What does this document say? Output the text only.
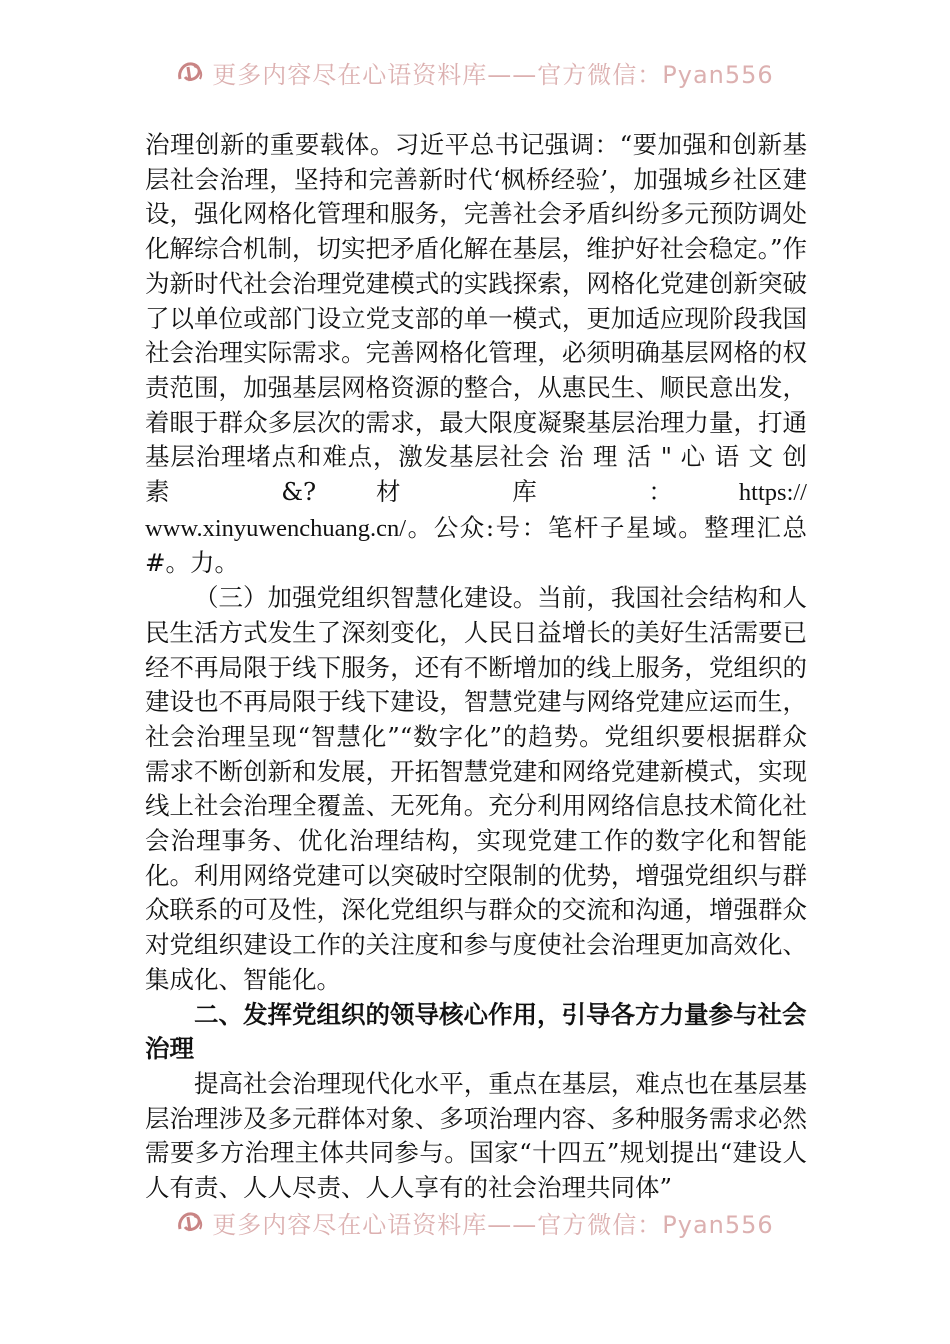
更多内容尽在心语资料库——官方微信：Pyan556

治理创新的重要载体。习近平总书记强调：“要加强和创新基层社会治理，坚持和完善新时代‘枫桥经验’，加强城乡社区建设，强化网格化管理和服务，完善社会矛盾纠纷多元预防调处化解综合机制，切实把矛盾化解在基层，维护好社会稳定。”作为新时代社会治理党建模式的实践探索，网格化党建创新突破了以单位或部门设立党支部的单一模式，更加适应现阶段我国社会治理实际需求。完善网格化管理，必须明确基层网格的权责范围，加强基层网格资源的整合，从惠民生、顺民意出发，着眼于群众多层次的需求，最大限度凝聚基层治理力量，打通基层治理堵点和难点，激发基层社会 治 理 活 " 心 语 文 创 素 &? 材 库 ： https://

www.xinyuwenchuang.cn/。公众:号：笔杆子星域。整理汇总

#。力。

（三）加强党组织智慧化建设。当前，我国社会结构和人民生活方式发生了深刻变化，人民日益增长的美好生活需要已经不再局限于线下服务，还有不断增加的线上服务，党组织的建设也不再局限于线下建设，智慧党建与网络党建应运而生，社会治理呈现“智慧化”“数字化”的趋势。党组织要根据群众需求不断创新和发展，开拓智慧党建和网络党建新模式，实现线上社会治理全覆盖、无死角。充分利用网络信息技术简化社会治理事务、优化治理结构，实现党建工作的数字化和智能化。利用网络党建可以突破时空限制的优势，增强党组织与群众联系的可及性，深化党组织与群众的交流和沟通，增强群众对党组织建设工作的关注度和参与度使社会治理更加高效化、集成化、智能化。

二、发挥党组织的领导核心作用，引导各方力量参与社会治理

提高社会治理现代化水平，重点在基层，难点也在基层基层治理涉及多元群体对象、多项治理内容、多种服务需求必然需要多方治理主体共同参与。国家“十四五”规划提出“建设人人有责、人人尽责、人人享有的社会治理共同体”

更多内容尽在心语资料库——官方微信：Pyan556
